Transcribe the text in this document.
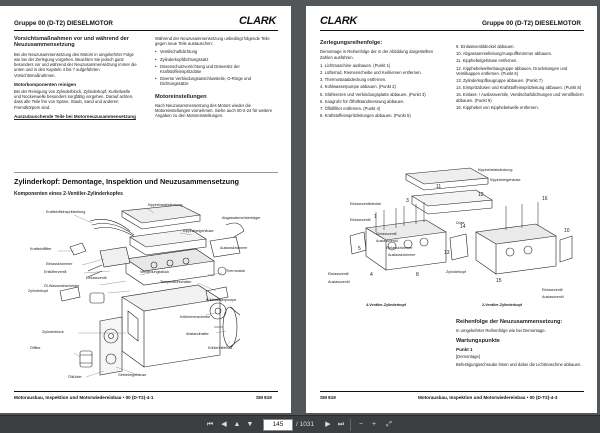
Gruppe 00 (D-T2) DIESELMOTOR	CLARK
Vorsichtsmaßnahmen vor und während der Neuzusammensetzung
Bei der Neuzusammensetzung des Motors in umgekehrter Folge wie bei der Zerlegung vorgehen. Beachten Sie jedoch ganz besonders vor und während der Neuzusammensetzung immer die unten und in den Kapiteln 4 bis 7 aufgeführten Vorsichtsmaßnahmen.
Motorkomponenten reinigen
Bei der Reinigung von Zylinderblock, Zylinderkopf, Kurbelwelle und Nockenwelle besonders sorgfältig vorgehen. Darauf achten, dass alle Teile frei von Späne, Staub, Sand und anderen Fremdkörpern sind.
Auszutauschende Teile bei Motorneuzusammensetzung
Während der Neuzusammensetzung unbedingt folgende Teile gegen neue Teile austauschen:
• Ventilschaftdichtung
• Zylinderkopfdichtungssatz
• Düsenschutzvorrichtung und Düsensitz der Kraftstoffeinspritzdüse
• Diverse Verbindungsanschlussteile, O-Ringe und Dichtungssätze
Motoreinstellungen
Nach Neuzusammensetzung des Motors wieder die Motoreinstellungen vornehmen. Siehe auch 00-2-24 für weitere Angaben zu den Motoreinstellungen.
Zylinderkopf: Demontage, Inspektion und Neuzusammensetzung
Komponenten eines 2-Ventiler-Zylinderkopfes
Kipphebelabdeckung
Kraftstoffeinspritzleitung
Kraftstofffilter
Einlasskrümmer
Kipphebelgehäuse
Entlüfterventil	Verbindungsstück
Einlassventil
Zylinderkopf
Öl-Wasserabscheider
Zylinderblock
Ölfilter
Ölkühler
Thermostat
Temperaturschalter
Kühlwasserpumpe
Keilriemenscheibe
Abstandhalter
Kühlerlüfterrad
Getriebegehäuse
Abgaswärmeüberträger
Auslasskrümmer
Motorausbau, Inspektion und Motorwiedereinbau • 00 (D-T2)-4-1	SM 819
CLARK	Gruppe 00 (D-T2) DIESELMOTOR
Zerlegungsreihenfolge:
Demontage in Reihenfolge der in der Abbildung dargestellten Zahlen ausführen.
1. Lichtmaschine ausbauen. (Punkt 1)
2. Lüfterrad, Riemenscheibe und Keilriemen entfernen.
3. Thermostatabdeckung entfernen.
4. Kühlwasserpumpe abbauen. (Punkt 2)
5. Glühkerzen und Verbindungsplatte abbauen. (Punkt 3)
6. Saugrohr für Ölfüllstandmessung abbauen.
7. Ölfüllfilter entfernen. (Punkt 4)
8. Kraftstoffeinspritzleitungen abbauen. (Punkt 5)
9. Einlassventildeckel abbauen.
10. Abgassammelleitung/Auspuffkrümmer abbauen.
11. Kipphebelgehäuse entfernen.
12. Kipphebelwellenbaugruppe abbauen, Druckstangen und Ventilkappen entfernen. (Punkt 6)
13. Zylinderkopfbaugruppe abbauen. (Punkt 7)
14. Einspritzdüsen und Kraftstoffeinspritzleitung abbauen. (Punkt 8)
15. Einlass- / Auslassventile, Ventilschaftdichtungen und Ventilfedern abbauen. (Punkt 9)
16. Kipphebel von Kipphebelwelle entfernen.
1
3
11
12
5
13
14
16
10
15
4	8
Kipphebelabdeckung
Kipphebelgehäuse
Einlassventildeckel
Einlassventil
Einlassventil
Auslassventil
Einlasskrümmer
Auslasskrümmer
Düse
Einlassventil
Auslassventil
Einlassventil
Auslassventil
Zylinderkopf
4-Ventiler-Zylinderkopf	2-Ventiler-Zylinderkopf
Reihenfolge der Neuzusammensetzung:
In umgekehrter Reihenfolge wie bei Demontage.
Wartungspunkte
Punkt 1
[Demontage]
Befestigungsschraube lösen und dabei die Lichtmaschine abbauen.
SM 819	Motorausbau, Inspektion und Motorwiedereinbau • 00 (D-T2)-4-3
⏮	◀ ▲ ▼	145	/ 1031	▶	⏭	−	+	⤢
